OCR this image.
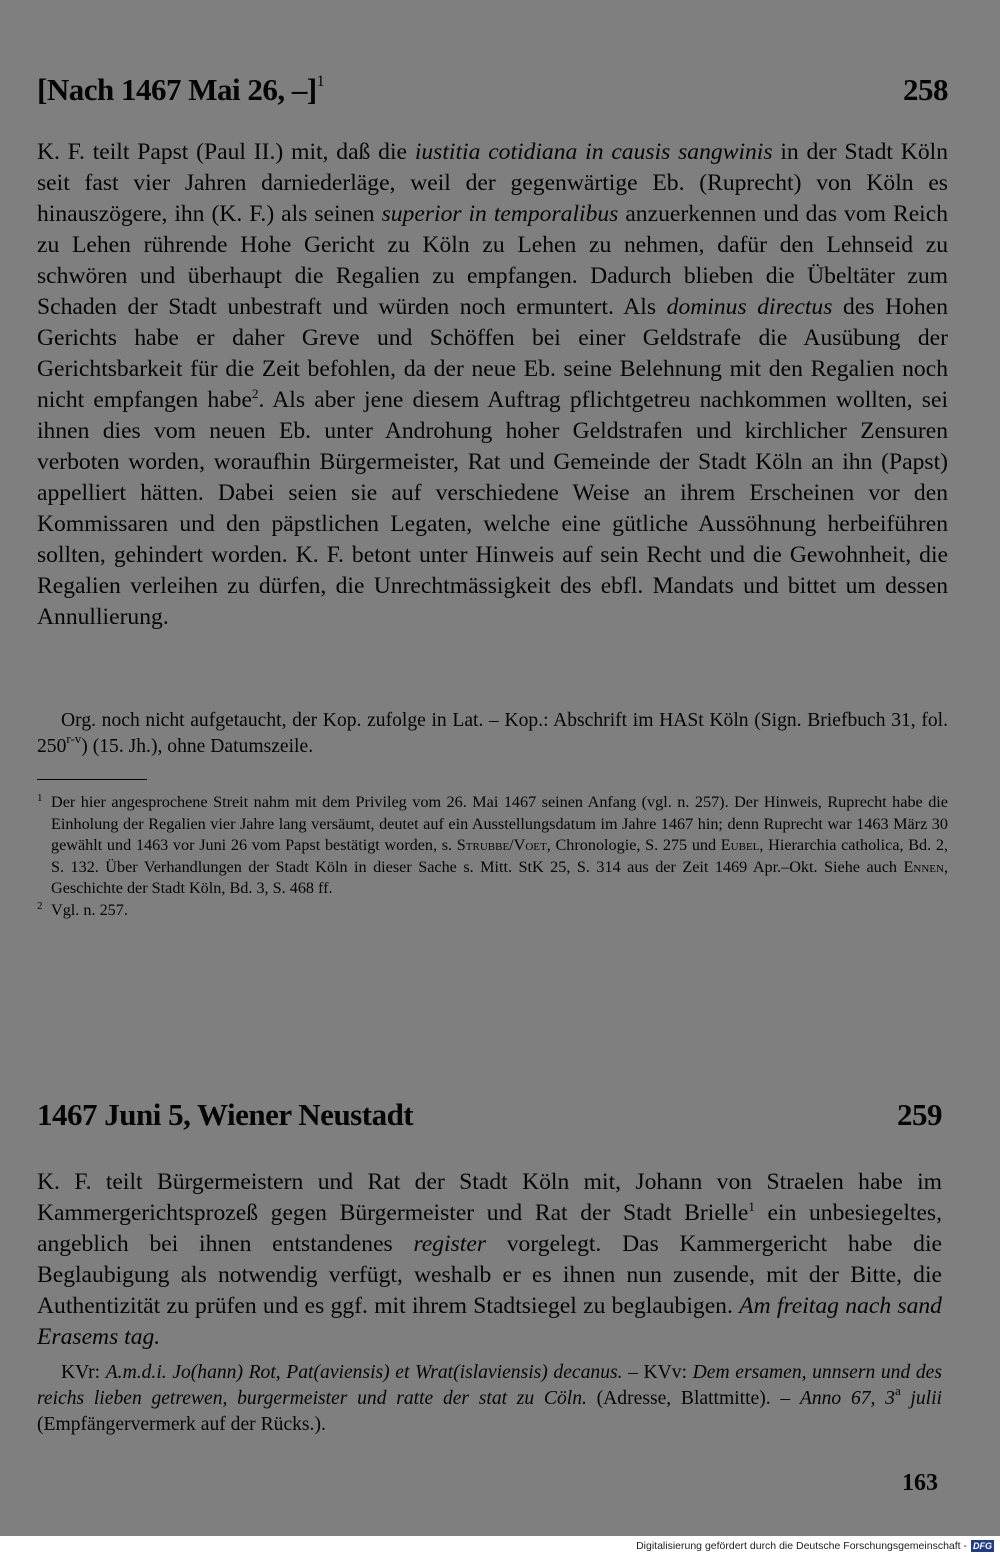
[Nach 1467 Mai 26, –]$^1$	258

K. F. teilt Papst (Paul II.) mit, daß die iustitia cotidiana in causis sangwinis in der Stadt Köln seit fast vier Jahren darniederläge, weil der gegenwärtige Eb. (Ruprecht) von Köln es hinauszögere, ihn (K. F.) als seinen superior in temporalibus anzuerkennen und das vom Reich zu Lehen rührende Hohe Gericht zu Köln zu Lehen zu nehmen, dafür den Lehnseid zu schwören und überhaupt die Regalien zu empfangen. Dadurch blieben die Übeltäter zum Schaden der Stadt unbestraft und würden noch ermuntert. Als dominus directus des Hohen Gerichts habe er daher Greve und Schöffen bei einer Geldstrafe die Ausübung der Gerichtsbarkeit für die Zeit befohlen, da der neue Eb. seine Belehnung mit den Regalien noch nicht empfangen habe$^2$. Als aber jene diesem Auftrag pflichtgetreu nachkommen wollten, sei ihnen dies vom neuen Eb. unter Androhung hoher Geldstrafen und kirchlicher Zensuren verboten worden, woraufhin Bürgermeister, Rat und Gemeinde der Stadt Köln an ihn (Papst) appelliert hätten. Dabei seien sie auf verschiedene Weise an ihrem Erscheinen vor den Kommissaren und den päpstlichen Legaten, welche eine gütliche Aussöhnung herbeiführen sollten, gehindert worden. K. F. betont unter Hinweis auf sein Recht und die Gewohnheit, die Regalien verleihen zu dürfen, die Unrechtmässigkeit des ebfl. Mandats und bittet um dessen Annullierung.

Org. noch nicht aufgetaucht, der Kop. zufolge in Lat. – Kop.: Abschrift im HASt Köln (Sign. Briefbuch 31, fol. 250$^{r-v}$) (15. Jh.), ohne Datumszeile.

1 Der hier angesprochene Streit nahm mit dem Privileg vom 26. Mai 1467 seinen Anfang (vgl. n. 257). Der Hinweis, Ruprecht habe die Einholung der Regalien vier Jahre lang versäumt, deutet auf ein Ausstellungsdatum im Jahre 1467 hin; denn Ruprecht war 1463 März 30 gewählt und 1463 vor Juni 26 vom Papst bestätigt worden, s. Strubbe/Voet, Chronologie, S. 275 und Eubel, Hierarchia catholica, Bd. 2, S. 132. Über Verhandlungen der Stadt Köln in dieser Sache s. Mitt. StK 25, S. 314 aus der Zeit 1469 Apr.–Okt. Siehe auch Ennen, Geschichte der Stadt Köln, Bd. 3, S. 468 ff.

2 Vgl. n. 257.

1467 Juni 5, Wiener Neustadt	259

K. F. teilt Bürgermeistern und Rat der Stadt Köln mit, Johann von Straelen habe im Kammergerichtsprozeß gegen Bürgermeister und Rat der Stadt Brielle$^1$ ein unbesiegeltes, angeblich bei ihnen entstandenes register vorgelegt. Das Kammergericht habe die Beglaubigung als notwendig verfügt, weshalb er es ihnen nun zusende, mit der Bitte, die Authentizität zu prüfen und es ggf. mit ihrem Stadtsiegel zu beglaubigen. Am freitag nach sand Erasems tag.

KVr: A.m.d.i. Jo(hann) Rot, Pat(aviensis) et Wrat(islaviensis) decanus. – KVv: Dem ersamen, unnsern und des reichs lieben getrewen, burgermeister und ratte der stat zu Cöln. (Adresse, Blattmitte). – Anno 67, 3$^a$ julii (Empfängervermerk auf der Rücks.).

163
Digitalisierung gefördert durch die Deutsche Forschungsgemeinschaft - DFG
